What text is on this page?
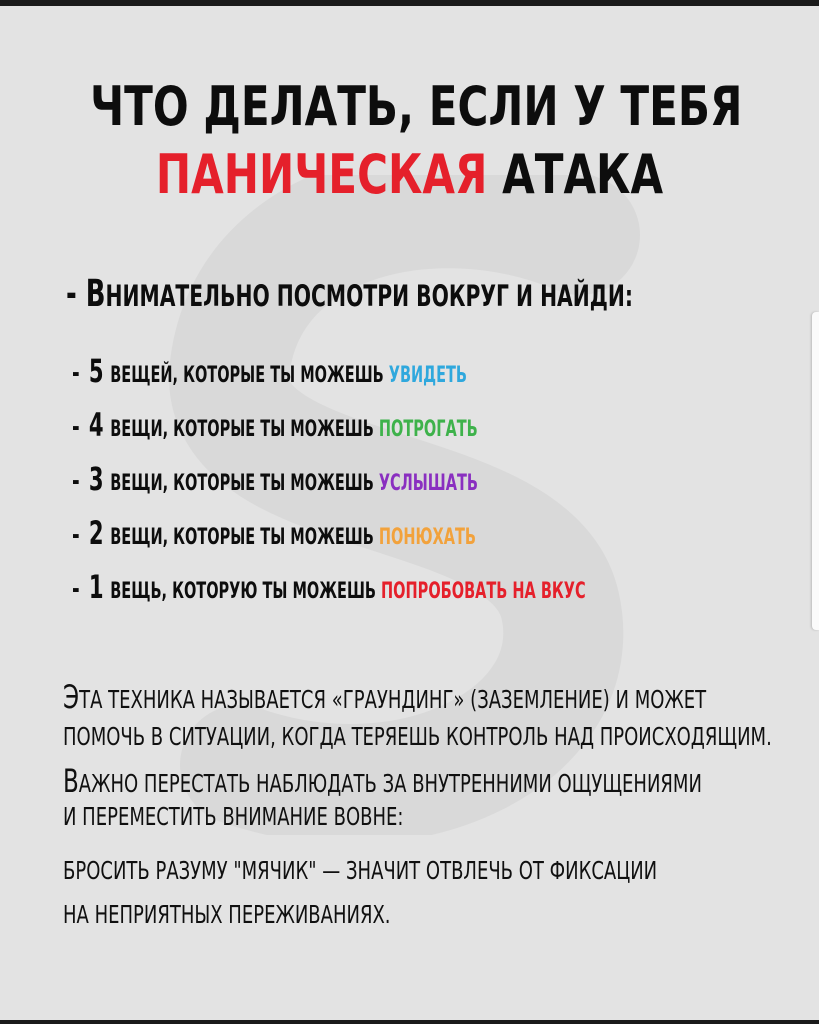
ЧТО ДЕЛАТЬ, ЕСЛИ У ТЕБЯ
ПАНИЧЕСКАЯ АТАКА
- ВНИМАТЕЛЬНО ПОСМОТРИ ВОКРУГ И НАЙДИ:
- 5 ВЕЩЕЙ, КОТОРЫЕ ТЫ МОЖЕШЬ УВИДЕТЬ
- 4 ВЕЩИ, КОТОРЫЕ ТЫ МОЖЕШЬ ПОТРОГАТЬ
- 3 ВЕЩИ, КОТОРЫЕ ТЫ МОЖЕШЬ УСЛЫШАТЬ
- 2 ВЕЩИ, КОТОРЫЕ ТЫ МОЖЕШЬ ПОНЮХАТЬ
- 1 ВЕЩЬ, КОТОРУЮ ТЫ МОЖЕШЬ ПОПРОБОВАТЬ НА ВКУС
ЭТА ТЕХНИКА НАЗЫВАЕТСЯ «ГРАУНДИНГ» (ЗАЗЕМЛЕНИЕ) И МОЖЕТ
ПОМОЧЬ В СИТУАЦИИ, КОГДА ТЕРЯЕШЬ КОНТРОЛЬ НАД ПРОИСХОДЯЩИМ.
ВАЖНО ПЕРЕСТАТЬ НАБЛЮДАТЬ ЗА ВНУТРЕННИМИ ОЩУЩЕНИЯМИ
И ПЕРЕМЕСТИТЬ ВНИМАНИЕ ВОВНЕ:
БРОСИТЬ РАЗУМУ "МЯЧИК" — ЗНАЧИТ ОТВЛЕЧЬ ОТ ФИКСАЦИИ
НА НЕПРИЯТНЫХ ПЕРЕЖИВАНИЯХ.
